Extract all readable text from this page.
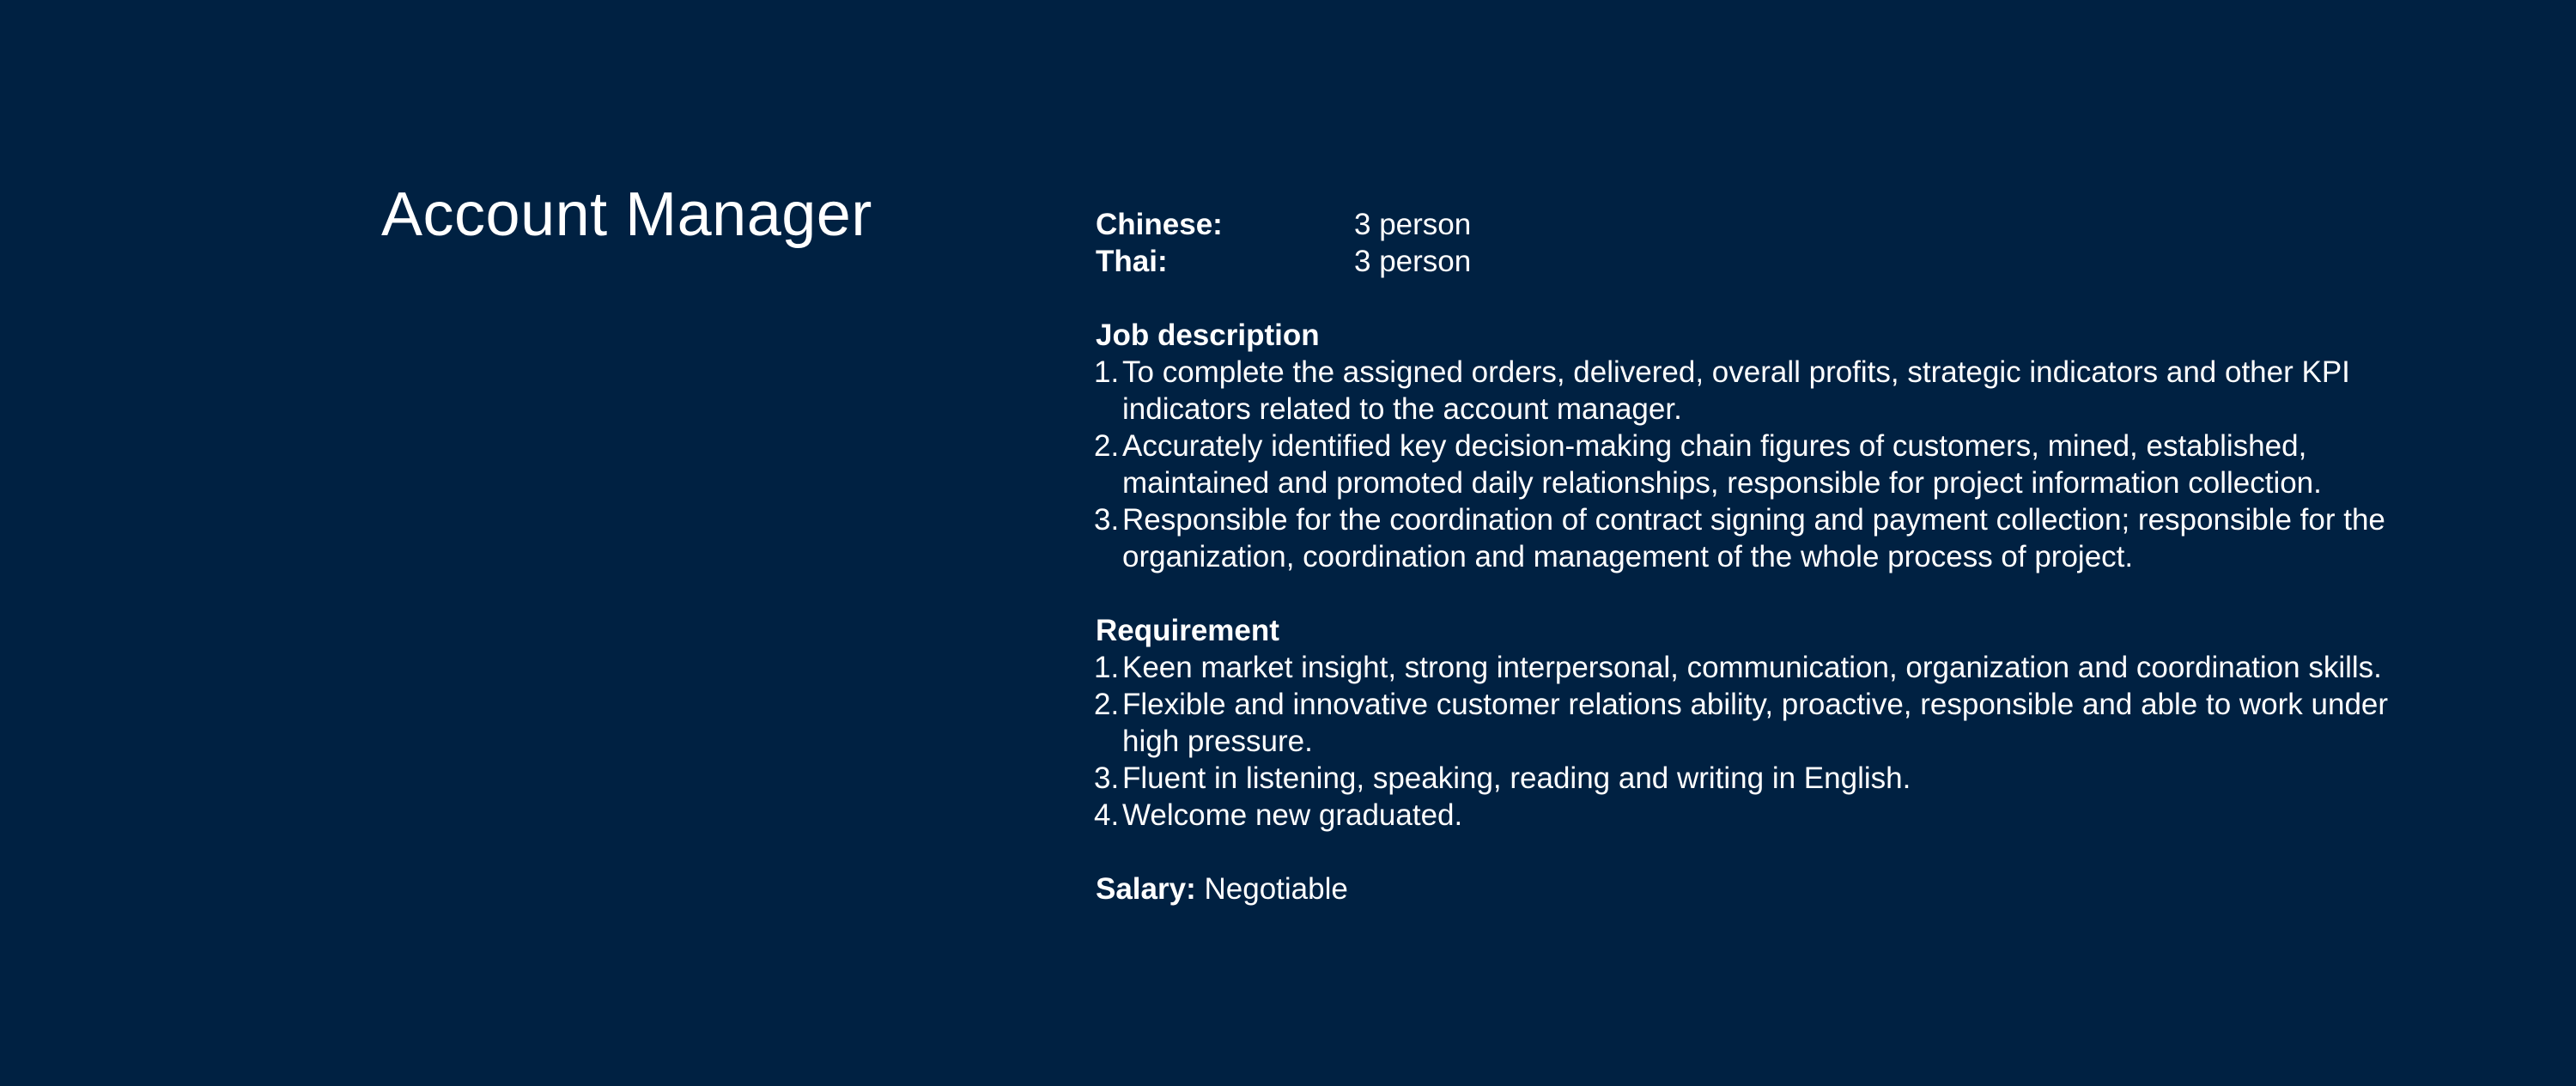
Account Manager	Chinese:	3 person
Thai:	3 person
Job description
1. To complete the assigned orders, delivered, overall profits, strategic indicators and other KPI indicators related to the account manager.
2. Accurately identified key decision-making chain figures of customers, mined, established, maintained and promoted daily relationships, responsible for project information collection.
3. Responsible for the coordination of contract signing and payment collection; responsible for the organization, coordination and management of the whole process of project.
Requirement
1. Keen market insight, strong interpersonal, communication, organization and coordination skills.
2. Flexible and innovative customer relations ability, proactive, responsible and able to work under high pressure.
3. Fluent in listening, speaking, reading and writing in English.
4. Welcome new graduated.
Salary: Negotiable
